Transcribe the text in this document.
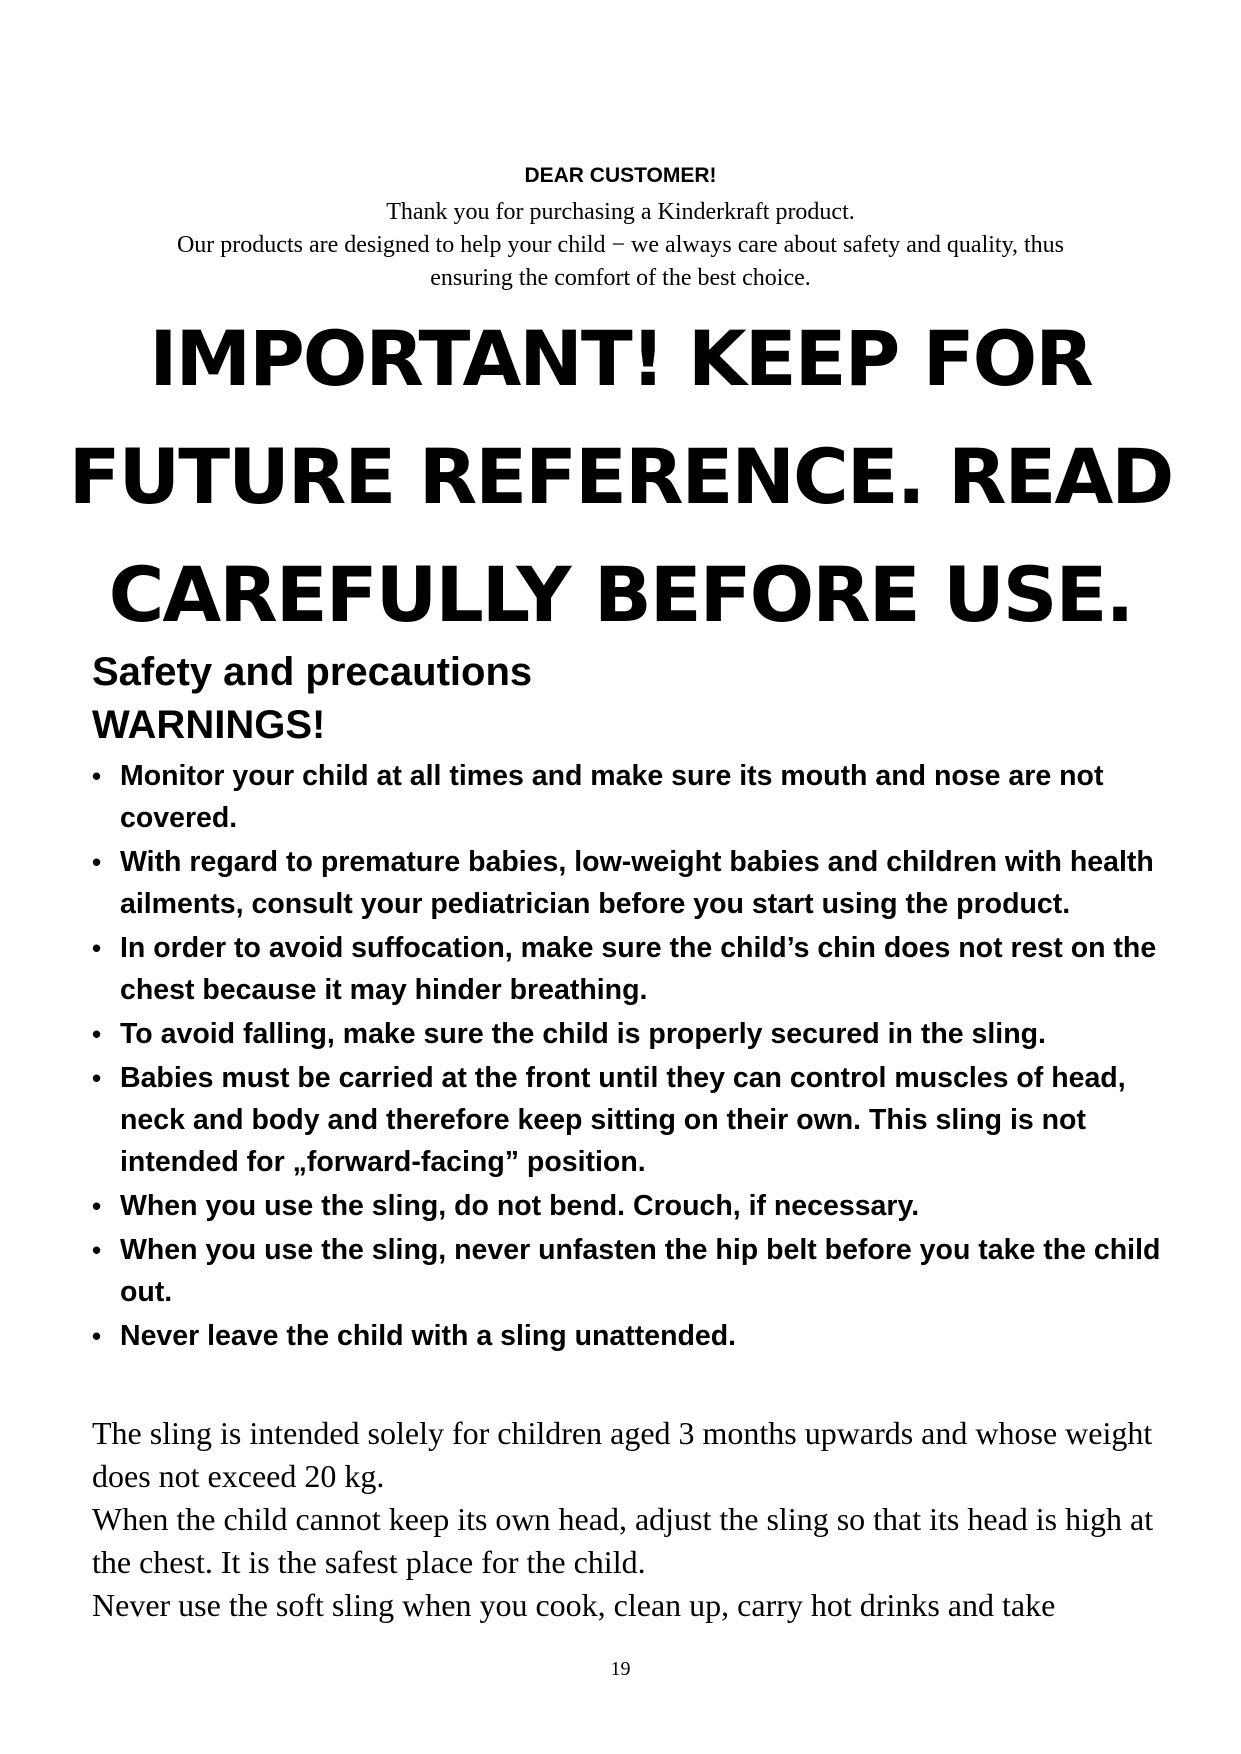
DEAR CUSTOMER!
Thank you for purchasing a Kinderkraft product.
Our products are designed to help your child − we always care about safety and quality, thus
ensuring the comfort of the best choice.
IMPORTANT! KEEP FOR
FUTURE REFERENCE. READ
CAREFULLY BEFORE USE.
Safety and precautions
WARNINGS!
• Monitor your child at all times and make sure its mouth and nose are not covered.
• With regard to premature babies, low-weight babies and children with health ailments, consult your pediatrician before you start using the product.
• In order to avoid suffocation, make sure the child’s chin does not rest on the chest because it may hinder breathing.
• To avoid falling, make sure the child is properly secured in the sling.
• Babies must be carried at the front until they can control muscles of head, neck and body and therefore keep sitting on their own. This sling is not intended for „forward-facing” position.
• When you use the sling, do not bend. Crouch, if necessary.
• When you use the sling, never unfasten the hip belt before you take the child out.
• Never leave the child with a sling unattended.

The sling is intended solely for children aged 3 months upwards and whose weight does not exceed 20 kg.

When the child cannot keep its own head, adjust the sling so that its head is high at the chest. It is the safest place for the child.

Never use the soft sling when you cook, clean up, carry hot drinks and take

19
